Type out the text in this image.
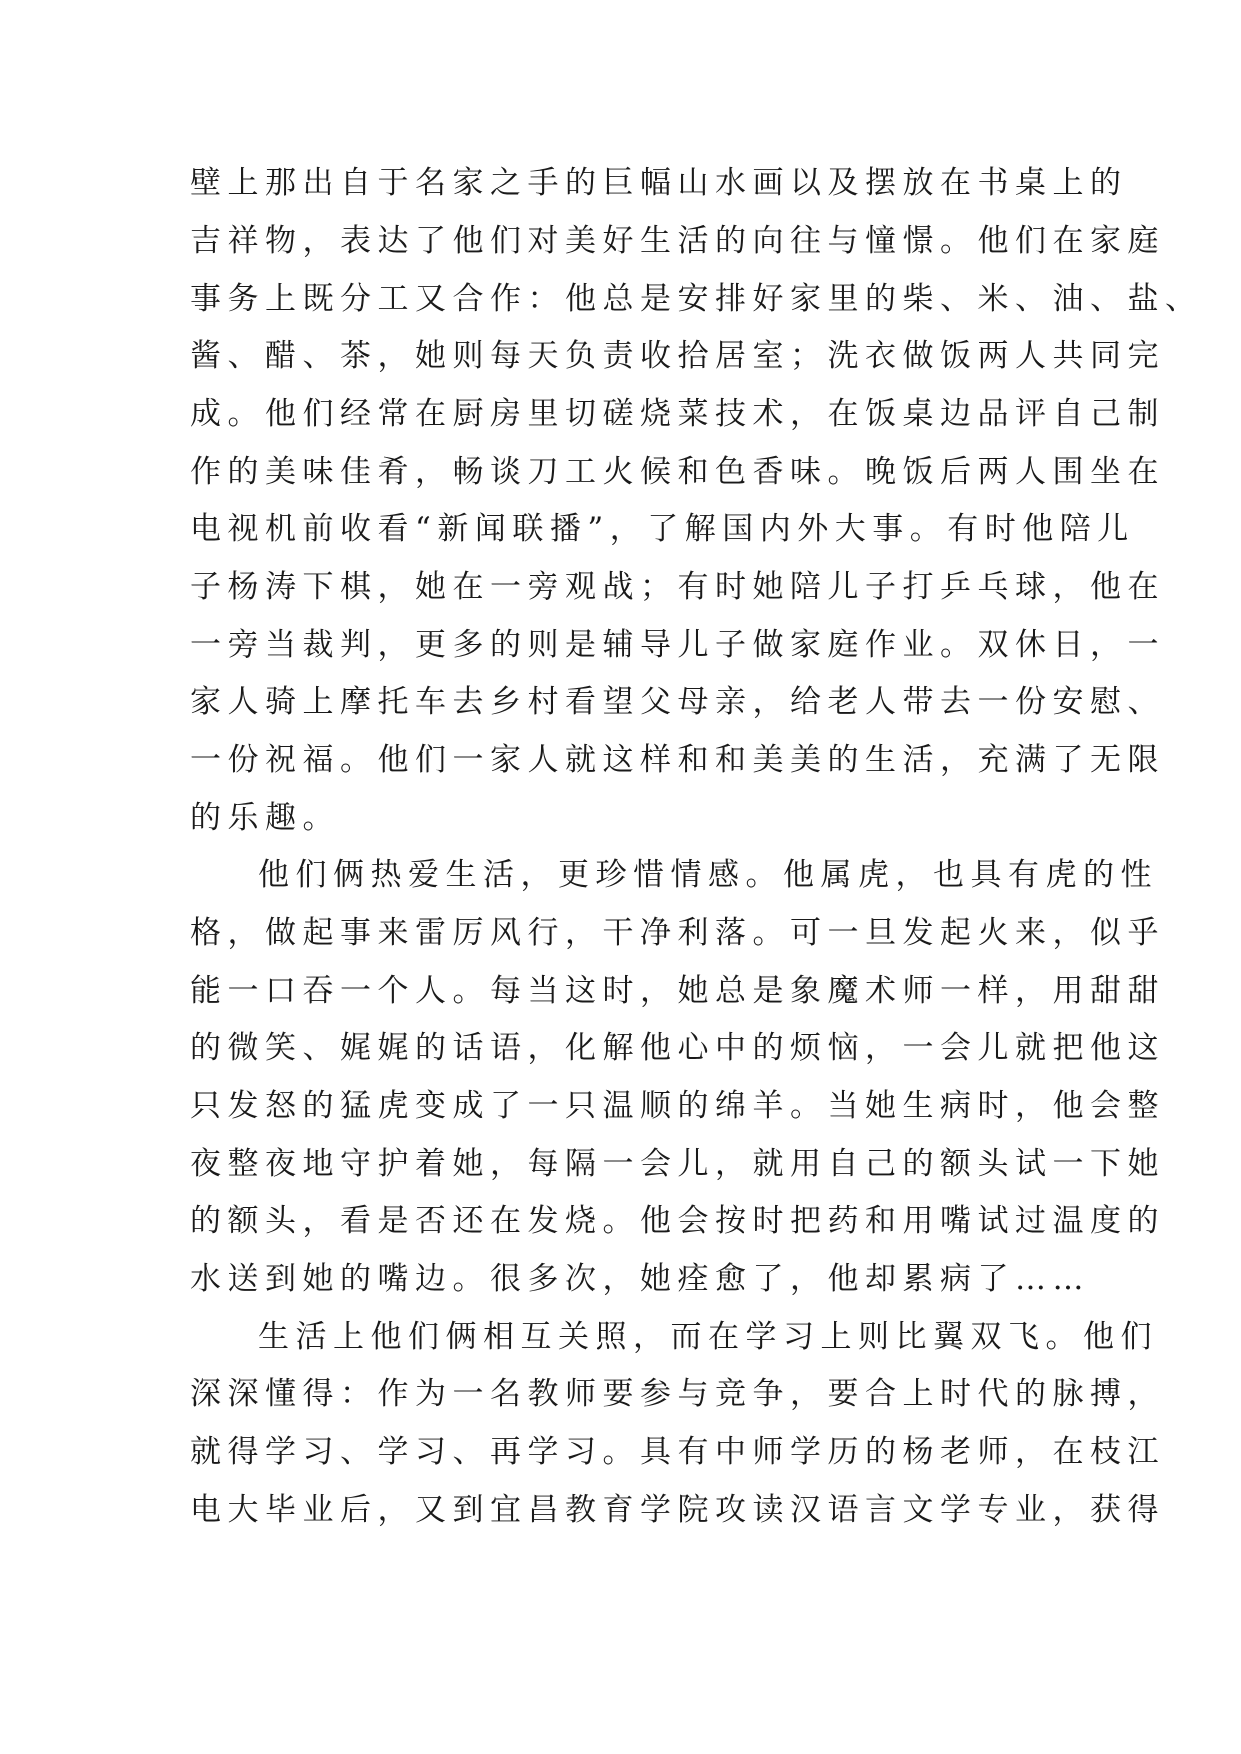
壁上那出自于名家之手的巨幅山水画以及摆放在书桌上的
吉祥物，表达了他们对美好生活的向往与憧憬。他们在家庭
事务上既分工又合作：他总是安排好家里的柴、米、油、盐、
酱、醋、茶，她则每天负责收拾居室；洗衣做饭两人共同完
成。他们经常在厨房里切磋烧菜技术，在饭桌边品评自己制
作的美味佳肴，畅谈刀工火候和色香味。晚饭后两人围坐在
电视机前收看“新闻联播”，了解国内外大事。有时他陪儿
子杨涛下棋，她在一旁观战；有时她陪儿子打乒乓球，他在
一旁当裁判，更多的则是辅导儿子做家庭作业。双休日，一
家人骑上摩托车去乡村看望父母亲，给老人带去一份安慰、
一份祝福。他们一家人就这样和和美美的生活，充满了无限
的乐趣。
他们俩热爱生活，更珍惜情感。他属虎，也具有虎的性
格，做起事来雷厉风行，干净利落。可一旦发起火来，似乎
能一口吞一个人。每当这时，她总是象魔术师一样，用甜甜
的微笑、娓娓的话语，化解他心中的烦恼，一会儿就把他这
只发怒的猛虎变成了一只温顺的绵羊。当她生病时，他会整
夜整夜地守护着她，每隔一会儿，就用自己的额头试一下她
的额头，看是否还在发烧。他会按时把药和用嘴试过温度的
水送到她的嘴边。很多次，她痊愈了，他却累病了……
生活上他们俩相互关照，而在学习上则比翼双飞。他们
深深懂得：作为一名教师要参与竞争，要合上时代的脉搏，
就得学习、学习、再学习。具有中师学历的杨老师，在枝江
电大毕业后，又到宜昌教育学院攻读汉语言文学专业，获得
